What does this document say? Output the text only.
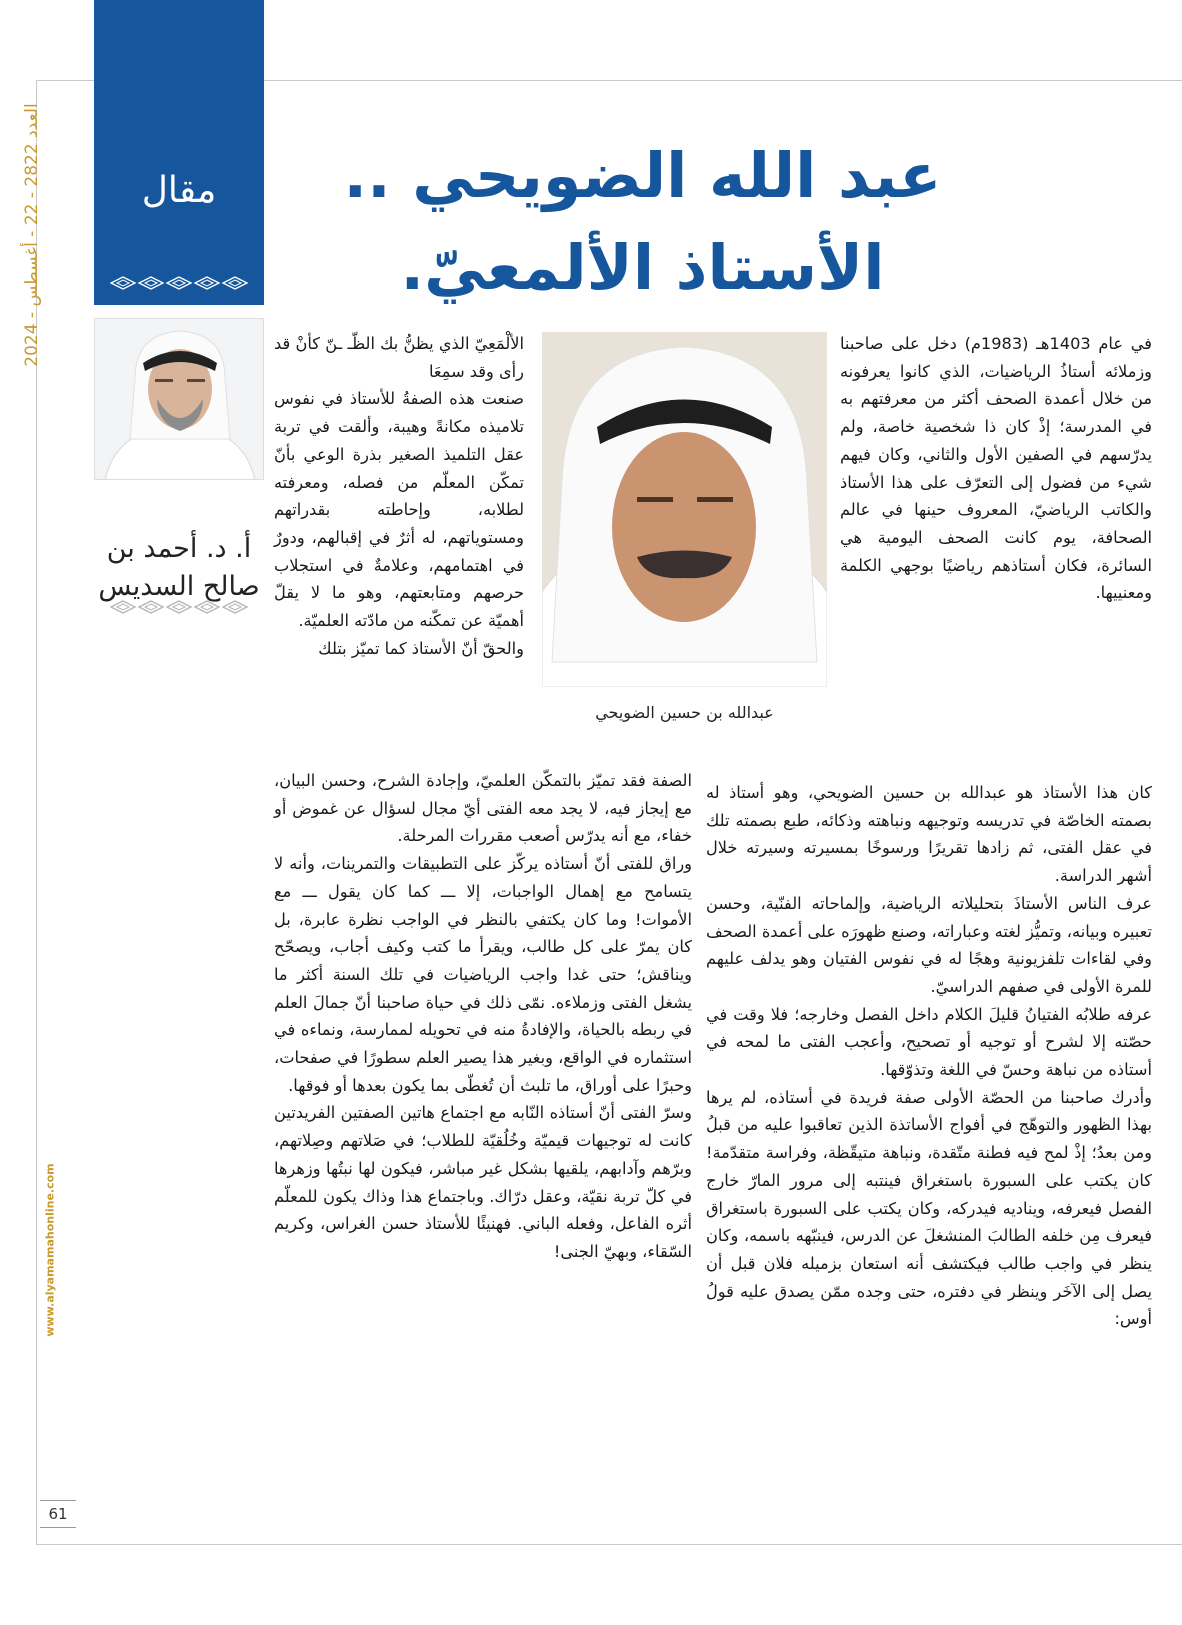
مقال
العدد 2822 - 22 - أغسطس - 2024
www.alyamamahonline.com
61
عبد الله الضويحي ..
الأستاذ الألمعيّ.
أ. د. أحمد بن
صالح السديس
عبدالله بن حسين الضويحي

في عام 1403هـ (1983م) دخل على صاحبنا وزملائه أستاذُ الرياضيات، الذي كانوا يعرفونه من خلال أعمدة الصحف أكثر من معرفتهم به في المدرسة؛ إذْ كان ذا شخصية خاصة، ولم يدرّسهم في الصفين الأول والثاني، وكان فيهم شيء من فضول إلى التعرّف على هذا الأستاذ والكاتب الرياضيّ، المعروف حينها في عالم الصحافة، يوم كانت الصحف اليومية هي السائرة، فكان أستاذهم رياضيًا بوجهي الكلمة ومعنييها.

كان هذا الأستاذ هو عبدالله بن حسين الضويحي، وهو أستاذ له بصمته الخاصّة في تدريسه وتوجيهه ونباهته وذكائه، طبع بصمته تلك في عقل الفتى، ثم زادها تقريرًا ورسوخًا بمسيرته وسيرته خلال أشهر الدراسة.

عرف الناس الأستاذَ بتحليلاته الرياضية، وإلماحاته الفنّية، وحسن تعبيره وبيانه، وتميُّز لغته وعباراته، وصنع ظهورَه على أعمدة الصحف وفي لقاءات تلفزيونية وهجًا له في نفوس الفتيان وهو يدلف عليهم للمرة الأولى في صفهم الدراسيّ.

عرفه طلابُه الفتيانُ قليلَ الكلام داخل الفصل وخارجه؛ فلا وقت في حصّته إلا لشرح أو توجيه أو تصحيح، وأعجب الفتى ما لمحه في أستاذه من نباهة وحسّ في اللغة وتذوّقها.

وأدرك صاحبنا من الحصّة الأولى صفة فريدة في أستاذه، لم يرها بهذا الظهور والتوهّج في أفواج الأساتذة الذين تعاقبوا عليه من قبلُ ومن بعدُ؛ إذْ لمح فيه فطنة متّقدة، ونباهة متيقّظة، وفراسة متقدّمة! كان يكتب على السبورة باستغراق فينتبه إلى مرور المارّ خارج الفصل فيعرفه، ويناديه فيدركه، وكان يكتب على السبورة باستغراق فيعرف مِن خلفه الطالبَ المنشغلَ عن الدرس، فينبّهه باسمه، وكان ينظر في واجب طالب فيكتشف أنه استعان بزميله فلان قبل أن يصل إلى الآخَر وينظر في دفتره، حتى وجده ممّن يصدق عليه قولُ أوس:

الألْمَعِيّ الذي يظنُّ بك الظّـ ـنّ كأنْ قد رأى وقد سمِعَا

صنعت هذه الصفةُ للأستاذ في نفوس تلاميذه مكانةً وهيبة، وألقت في تربة عقل التلميذ الصغير بذرة الوعي بأنّ تمكّن المعلّم من فصله، ومعرفته لطلابه، وإحاطته بقدراتهم ومستوياتهم، له أثرٌ في إقبالهم، ودورٌ في اهتمامهم، وعلامةٌ في استجلاب حرصهم ومتابعتهم، وهو ما لا يقلّ أهميّة عن تمكّنه من مادّته العلميّة.

والحقّ أنّ الأستاذ كما تميّز بتلك

الصفة فقد تميّز بالتمكّن العلميّ، وإجادة الشرح، وحسن البيان، مع إيجاز فيه، لا يجد معه الفتى أيّ مجال لسؤال عن غموض أو خفاء، مع أنه يدرّس أصعب مقررات المرحلة.

وراق للفتى أنّ أستاذه يركّز على التطبيقات والتمرينات، وأنه لا يتسامح مع إهمال الواجبات، إلا ـــ كما كان يقول ـــ مع الأموات! وما كان يكتفي بالنظر في الواجب نظرة عابرة، بل كان يمرّ على كل طالب، ويقرأ ما كتب وكيف أجاب، ويصحّح ويناقش؛ حتى غدا واجب الرياضيات في تلك السنة أكثر ما يشغل الفتى وزملاءه. نمّى ذلك في حياة صاحبنا أنّ جمالَ العلم في ربطه بالحياة، والإفادةُ منه في تحويله لممارسة، ونماءه في استثماره في الواقع، وبغير هذا يصير العلم سطورًا في صفحات، وحبرًا على أوراق، ما تلبث أن تُغطّى بما يكون بعدها أو فوقها.

وسرّ الفتى أنّ أستاذه النّابه مع اجتماع هاتين الصفتين الفريدتين كانت له توجيهات قيميّة وخُلُقيّة للطلاب؛ في صَلاتهم وصِلاتهم، وبرّهم وآدابهم، يلقيها بشكل غير مباشر، فيكون لها نبتُها وزهرها في كلّ تربة نقيّة، وعقل درّاك. وباجتماع هذا وذاك يكون للمعلّم أثره الفاعل، وفعله الباني. فهنيئًا للأستاذ حسن الغراس، وكريم السّقاء، وبهيّ الجنى!
